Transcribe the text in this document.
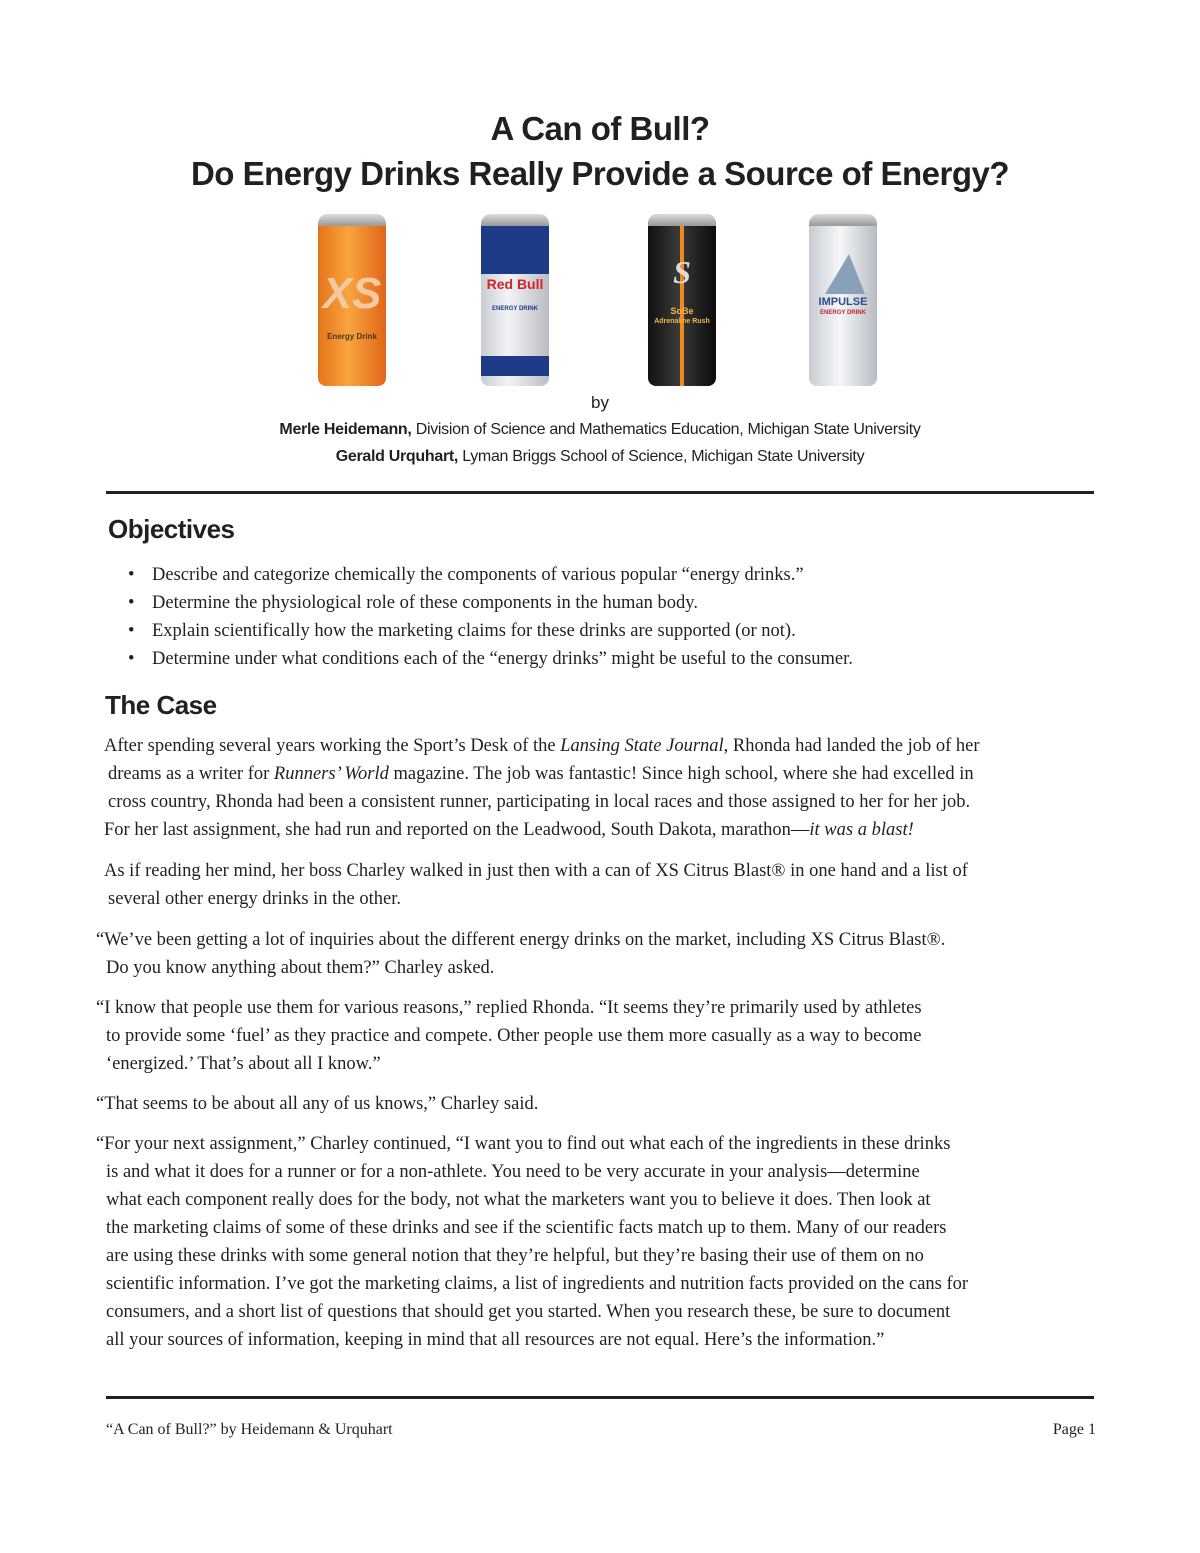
A Can of Bull?
Do Energy Drinks Really Provide a Source of Energy?
XS
Energy Drink
Red Bull
ENERGY DRINK
S
SoBe
Adrenaline Rush
IMPULSE
ENERGY DRINK
by
Merle Heidemann, Division of Science and Mathematics Education, Michigan State University
Gerald Urquhart, Lyman Briggs School of Science, Michigan State University
Objectives
• Describe and categorize chemically the components of various popular “energy drinks.”
• Determine the physiological role of these components in the human body.
• Explain scientifically how the marketing claims for these drinks are supported (or not).
• Determine under what conditions each of the “energy drinks” might be useful to the consumer.
The Case

After spending several years working the Sport’s Desk of the Lansing State Journal, Rhonda had landed the job of her
dreams as a writer for Runners’ World magazine. The job was fantastic! Since high school, where she had excelled in
cross country, Rhonda had been a consistent runner, participating in local races and those assigned to her for her job.
For her last assignment, she had run and reported on the Leadwood, South Dakota, marathon—it was a blast!

As if reading her mind, her boss Charley walked in just then with a can of XS Citrus Blast® in one hand and a list of
several other energy drinks in the other.

“We’ve been getting a lot of inquiries about the different energy drinks on the market, including XS Citrus Blast®.
Do you know anything about them?” Charley asked.

“I know that people use them for various reasons,” replied Rhonda. “It seems they’re primarily used by athletes
to provide some ‘fuel’ as they practice and compete. Other people use them more casually as a way to become
‘energized.’ That’s about all I know.”

“That seems to be about all any of us knows,” Charley said.

“For your next assignment,” Charley continued, “I want you to find out what each of the ingredients in these drinks
is and what it does for a runner or for a non-athlete. You need to be very accurate in your analysis—determine
what each component really does for the body, not what the marketers want you to believe it does. Then look at
the marketing claims of some of these drinks and see if the scientific facts match up to them. Many of our readers
are using these drinks with some general notion that they’re helpful, but they’re basing their use of them on no
scientific information. I’ve got the marketing claims, a list of ingredients and nutrition facts provided on the cans for
consumers, and a short list of questions that should get you started. When you research these, be sure to document
all your sources of information, keeping in mind that all resources are not equal. Here’s the information.”

“A Can of Bull?” by Heidemann & Urquhart	Page 1
